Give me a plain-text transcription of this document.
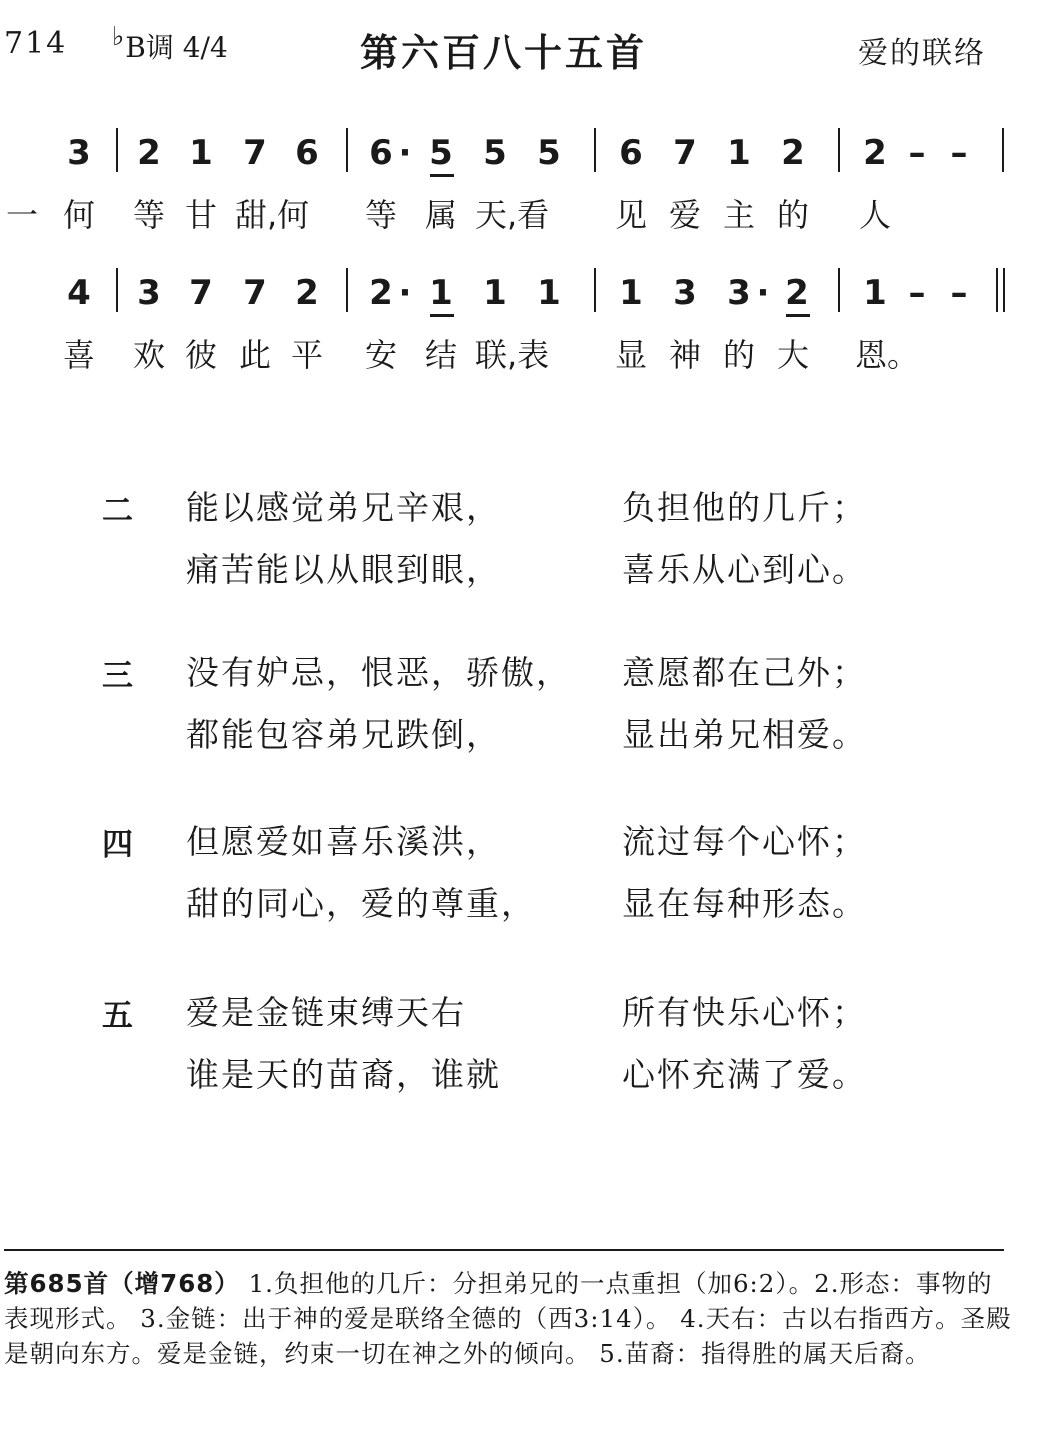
714 ♭B调 4/4	第六百八十五首	爱的联络
3 2 1 7 6 6 · 5 5 5 6 7 1 2 2 – –
一 何 等 甘 甜,何 等 属 天,看 见 爱 主 的 人
4 3 7 7 2 2 · 1 1 1 1 3 3 · 2 1 – –
喜 欢 彼 此 平 安 结 联,表 显 神 的 大 恩。
二 能以感觉弟兄辛艰，	负担他的几斤；
痛苦能以从眼到眼，	喜乐从心到心。
三 没有妒忌，恨恶，骄傲， 意愿都在己外；
都能包容弟兄跌倒，	显出弟兄相爱。
四 但愿爱如喜乐溪洪，	流过每个心怀；
甜的同心，爱的尊重，	显在每种形态。
五 爱是金链束缚天右	所有快乐心怀；
谁是天的苗裔，谁就	心怀充满了爱。
第685首（增768） 1.负担他的几斤：分担弟兄的一点重担（加6:2）。2.形态：事物的表现形式。 3.金链：出于神的爱是联络全德的（西3:14）。 4.天右：古以右指西方。圣殿是朝向东方。爱是金链，约束一切在神之外的倾向。 5.苗裔：指得胜的属天后裔。
